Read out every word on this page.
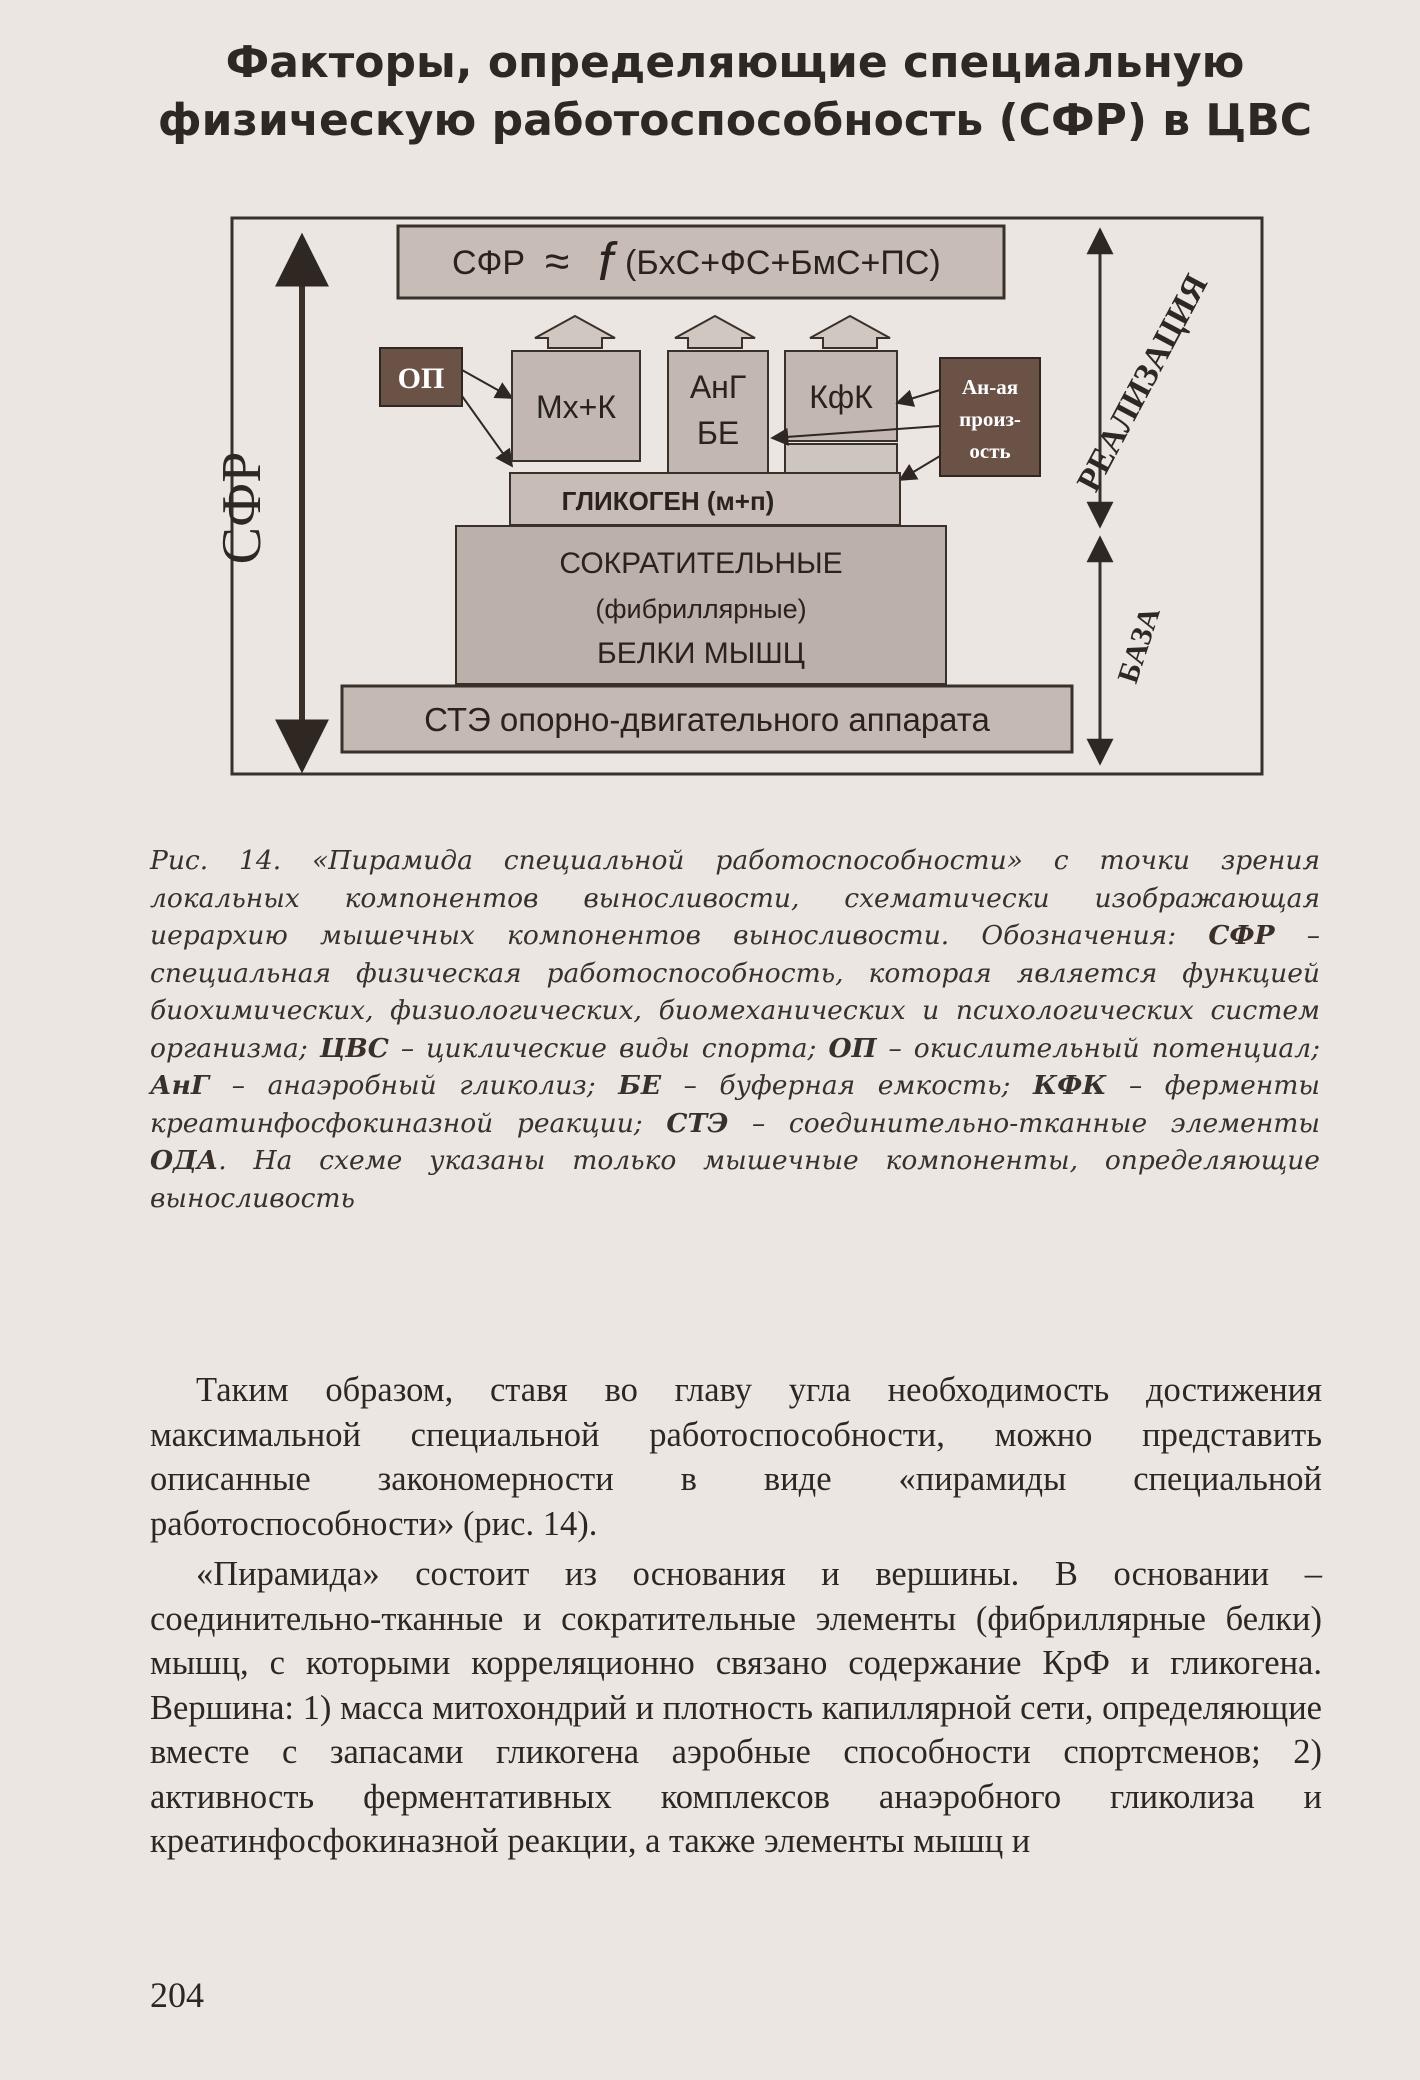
Факторы, определяющие специальную
физическую работоспособность (СФР) в ЦВС
СФР
СФР ≈ f (БхС+ФС+БмС+ПС)
ОП
Мх+К
АнГ
БЕ
КфК	Ан-ая
произ-
ость
ГЛИКОГЕН (м+п)
СОКРАТИТЕЛЬНЫЕ
(фибриллярные)
БЕЛКИ МЫШЦ
СТЭ опорно-двигательного аппарата
РЕАЛИЗАЦИЯ
БАЗА
Рис. 14. «Пирамида специальной работоспособности» с точки зрения локальных компонентов выносливости, схематически изображающая иерархию мышечных компонентов выносливости. Обозначения: СФР – специальная физическая работоспособность, которая является функцией биохимических, физиологических, биомеханических и психологических систем организма; ЦВС – циклические виды спорта; ОП – окислительный потенциал; АнГ – анаэробный гликолиз; БЕ – буферная емкость; КФК – ферменты креатинфосфокиназной реакции; СТЭ – соединительно-тканные элементы ОДА. На схеме указаны только мышечные компоненты, определяющие выносливость

Таким образом, ставя во главу угла необходимость достижения максимальной специальной работоспособности, можно представить описанные закономерности в виде «пирамиды специальной работоспособности» (рис. 14).

«Пирамида» состоит из основания и вершины. В основании – соединительно-тканные и сократительные элементы (фибриллярные белки) мышц, с которыми корреляционно связано содержание КрФ и гликогена. Вершина: 1) масса митохондрий и плотность капиллярной сети, определяющие вместе с запасами гликогена аэробные способности спортсменов; 2) активность ферментативных комплексов анаэробного гликолиза и креатинфосфокиназной реакции, а также элементы мышц и

204
